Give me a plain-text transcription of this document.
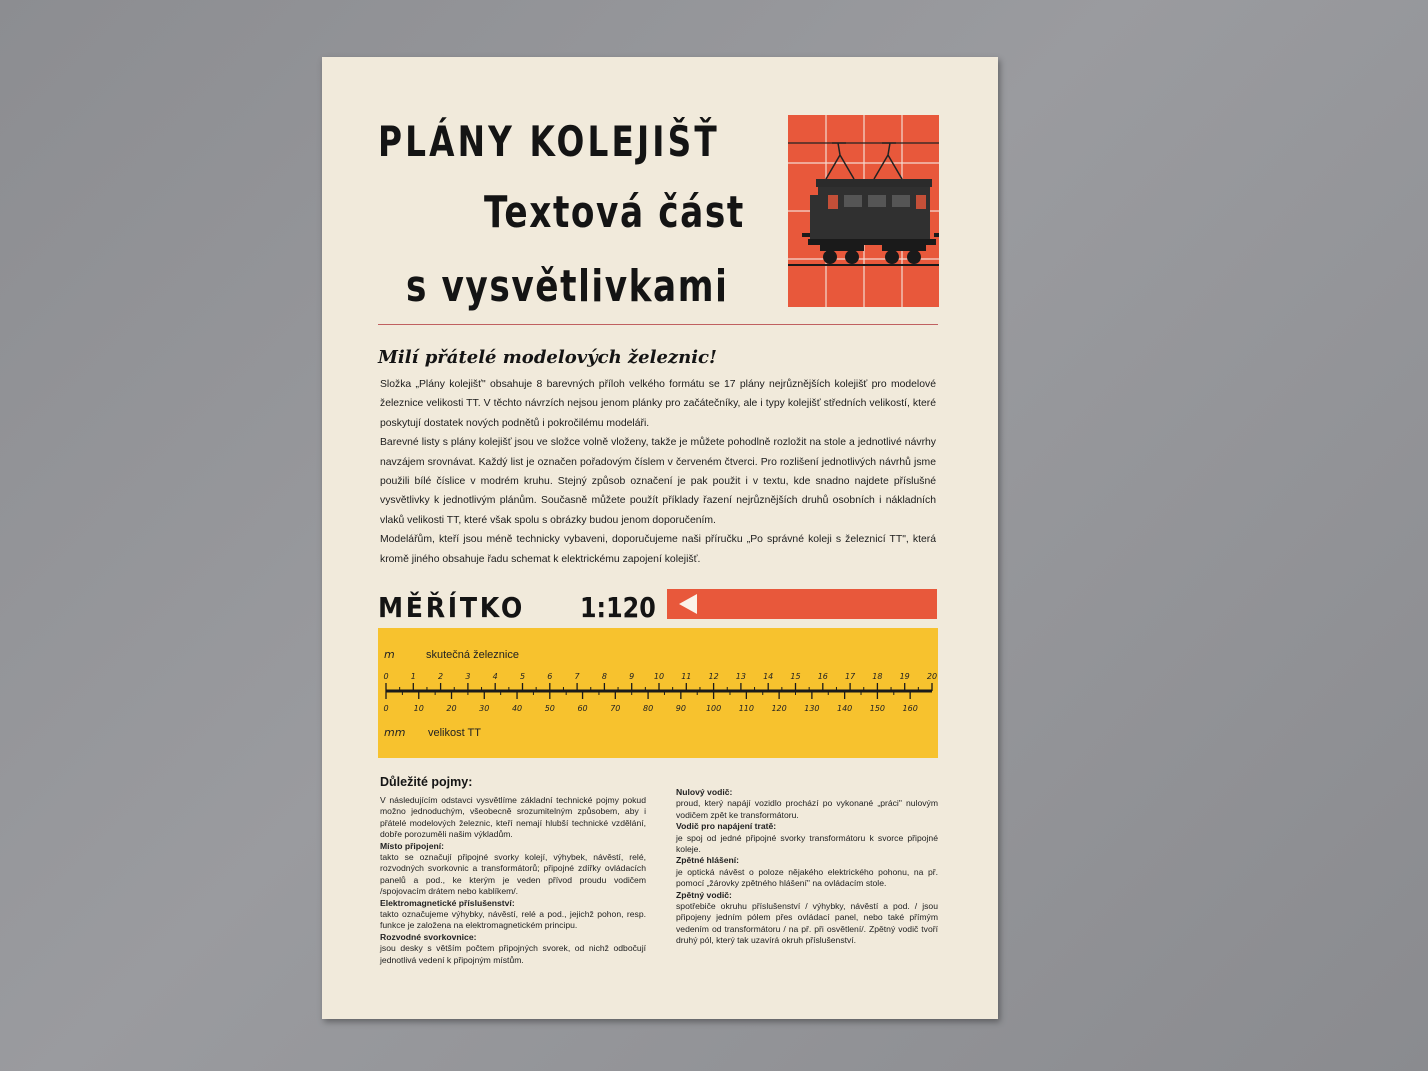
PLÁNY KOLEJIŠŤ
Textová část
s vysvětlivkami
Milí přátelé modelových železnic!

Složka „Plány kolejišť" obsahuje 8 barevných příloh velkého formátu se 17 plány nejrůznějších kolejišť pro modelové železnice velikosti TT. V těchto návrzích nejsou jenom plánky pro začátečníky, ale i typy kolejišť středních velikostí, které poskytují dostatek nových podnětů i pokročilému modeláři.

Barevné listy s plány kolejišť jsou ve složce volně vloženy, takže je můžete pohodlně rozložit na stole a jednotlivé návrhy navzájem srovnávat. Každý list je označen pořadovým číslem v červeném čtverci. Pro rozlišení jednotlivých návrhů jsme použili bílé číslice v modrém kruhu. Stejný způsob označení je pak použit i v textu, kde snadno najdete příslušné vysvětlivky k jednotlivým plánům. Současně můžete použít příklady řazení nejrůznějších druhů osobních i nákladních vlaků velikosti TT, které však spolu s obrázky budou jenom doporučením.

Modelářům, kteří jsou méně technicky vybaveni, doporučujeme naši příručku „Po správné koleji s železnicí TT", která kromě jiného obsahuje řadu schemat k elektrickému zapojení kolejišť.

MĚŘÍTKO 1:120
m	skutečná železnice
mm velikost TT
0	1	2	3	4	5	6	7	8	9 10 11 12 13 14 15 16 17 18 19 20
0	10	20	30	40	50	60	70	80	90	100 110 120 130 140 150 160
Důležité pojmy:

V následujícím odstavci vysvětlíme základní technické pojmy pokud možno jednoduchým, všeobecně srozumitelným způsobem, aby i přátelé modelových železnic, kteří nemají hlubší technické vzdělání, dobře porozuměli našim výkladům.

Místo připojení:
takto se označují připojné svorky kolejí, výhybek, návěstí, relé, rozvodných svorkovnic a transformátorů; připojné zdířky ovládacích panelů a pod., ke kterým je veden přívod proudu vodičem /spojovacím drátem nebo kablíkem/.
Elektromagnetické příslušenství:
takto označujeme výhybky, návěstí, relé a pod., jejichž pohon, resp. funkce je založena na elektromagnetickém principu.
Rozvodné svorkovnice:
jsou desky s větším počtem připojných svorek, od nichž odbočují jednotlivá vedení k připojným místům.
Nulový vodič:
proud, který napájí vozidlo prochází po vykonané „práci" nulovým vodičem zpět ke transformátoru.
Vodič pro napájení tratě:
je spoj od jedné připojné svorky transformátoru k svorce připojné koleje.
Zpětné hlášení:
je optická návěst o poloze nějakého elektrického pohonu, na př. pomocí „žárovky zpětného hlášení" na ovládacím stole.
Zpětný vodič:
spotřebiče okruhu příslušenství / výhybky, návěstí a pod. / jsou připojeny jedním pólem přes ovládací panel, nebo také přímým vedením od transformátoru / na př. při osvětlení/. Zpětný vodič tvoří druhý pól, který tak uzavírá okruh příslušenství.
